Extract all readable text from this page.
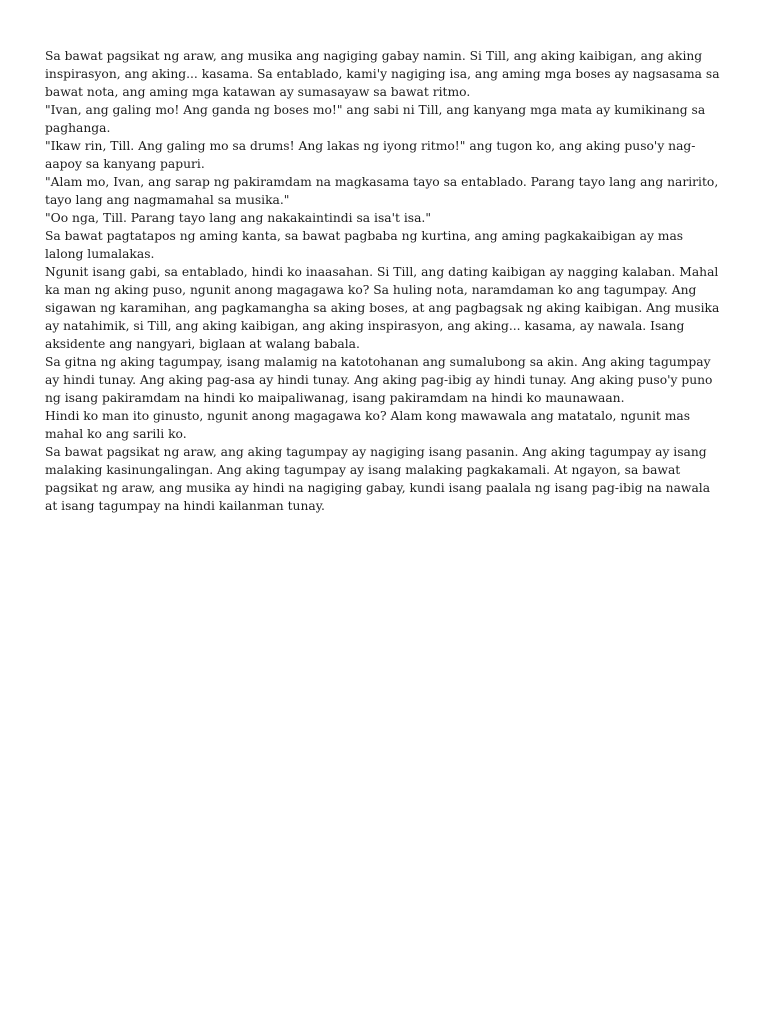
Sa bawat pagsikat ng araw, ang musika ang nagiging gabay namin. Si Till, ang aking kaibigan, ang aking inspirasyon, ang aking... kasama. Sa entablado, kami'y nagiging isa, ang aming mga boses ay nagsasama sa bawat nota, ang aming mga katawan ay sumasayaw sa bawat ritmo.

"Ivan, ang galing mo! Ang ganda ng boses mo!" ang sabi ni Till, ang kanyang mga mata ay kumikinang sa paghanga.

"Ikaw rin, Till. Ang galing mo sa drums! Ang lakas ng iyong ritmo!" ang tugon ko, ang aking puso'y nag-aapoy sa kanyang papuri.

"Alam mo, Ivan, ang sarap ng pakiramdam na magkasama tayo sa entablado. Parang tayo lang ang naririto, tayo lang ang nagmamahal sa musika."

"Oo nga, Till. Parang tayo lang ang nakakaintindi sa isa't isa."

Sa bawat pagtatapos ng aming kanta, sa bawat pagbaba ng kurtina, ang aming pagkakaibigan ay mas lalong lumalakas.

Ngunit isang gabi, sa entablado, hindi ko inaasahan. Si Till, ang dating kaibigan ay nagging kalaban. Mahal ka man ng aking puso, ngunit anong magagawa ko? Sa huling nota, naramdaman ko ang tagumpay. Ang sigawan ng karamihan, ang pagkamangha sa aking boses, at ang pagbagsak ng aking kaibigan. Ang musika ay natahimik, si Till, ang aking kaibigan, ang aking inspirasyon, ang aking... kasama, ay nawala. Isang aksidente ang nangyari, biglaan at walang babala.

Sa gitna ng aking tagumpay, isang malamig na katotohanan ang sumalubong sa akin. Ang aking tagumpay ay hindi tunay. Ang aking pag-asa ay hindi tunay. Ang aking pag-ibig ay hindi tunay. Ang aking puso'y puno ng isang pakiramdam na hindi ko maipaliwanag, isang pakiramdam na hindi ko maunawaan.

Hindi ko man ito ginusto, ngunit anong magagawa ko? Alam kong mawawala ang matatalo, ngunit mas mahal ko ang sarili ko.

Sa bawat pagsikat ng araw, ang aking tagumpay ay nagiging isang pasanin. Ang aking tagumpay ay isang malaking kasinungalingan. Ang aking tagumpay ay isang malaking pagkakamali. At ngayon, sa bawat pagsikat ng araw, ang musika ay hindi na nagiging gabay, kundi isang paalala ng isang pag-ibig na nawala at isang tagumpay na hindi kailanman tunay.
